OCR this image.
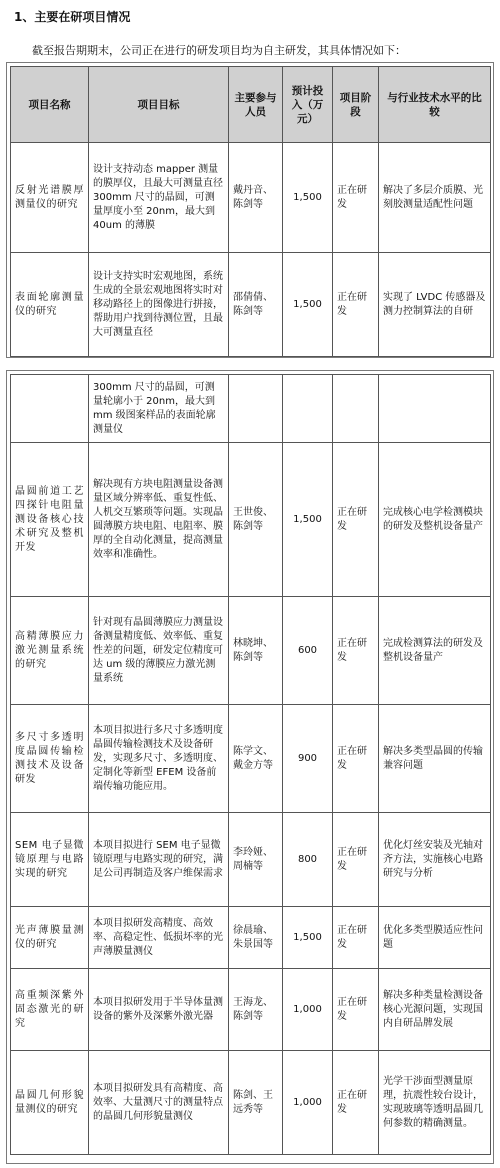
1、主要在研项目情况
截至报告期期末，公司正在进行的研发项目均为自主研发，其具体情况如下：
项目名称	项目目标	主要参与人员	预计投入（万元）	项目阶段	与行业技术水平的比较
反射光谱膜厚测量仪的研究	设计支持动态 mapper 测量的膜厚仪，且最大可测量直径 300mm 尺寸的晶圆，可测量厚度小至 20nm，最大到 40um 的薄膜	戴丹音、陈剑等	1,500	正在研发	解决了多层介质膜、光刻胶测量适配性问题
表面轮廓测量仪的研究	设计支持实时宏观地图，系统生成的全景宏观地图将实时对移动路径上的图像进行拼接，帮助用户找到待测位置，且最大可测量直径	邵倩倩、陈剑等	1,500	正在研发	实现了 LVDC 传感器及测力控制算法的自研
	300mm 尺寸的晶圆，可测量轮廓小于 20nm，最大到 mm 级图案样品的表面轮廓测量仪				
晶圆前道工艺四探针电阻量测设备核心技术研究及整机开发	解决现有方块电阻测量设备测量区域分辨率低、重复性低、人机交互繁琐等问题。实现晶圆薄膜方块电阻、电阻率、膜厚的全自动化测量，提高测量效率和准确性。	王世俊、陈剑等	1,500	正在研发	完成核心电学检测模块的研发及整机设备量产
高精薄膜应力激光测量系统的研究	针对现有晶圆薄膜应力测量设备测量精度低、效率低、重复性差的问题，研发定位精度可达 um 级的薄膜应力激光测量系统	林晓坤、陈剑等	600	正在研发	完成检测算法的研发及整机设备量产
多尺寸多透明度晶圆传输检测技术及设备研发	本项目拟进行多尺寸多透明度晶圆传输检测技术及设备研发，实现多尺寸、多透明度、定制化等新型 EFEM 设备前端传输功能应用。	陈学文、戴金方等	900	正在研发	解决多类型晶圆的传输兼容问题
SEM 电子显微镜原理与电路实现的研究	本项目拟进行 SEM 电子显微镜原理与电路实现的研究，满足公司再制造及客户维保需求	李玲娅、周楠等	800	正在研发	优化灯丝安装及光轴对齐方法，实施核心电路研究与分析
光声薄膜量测仪的研究	本项目拟研发高精度、高效率、高稳定性、低损坏率的光声薄膜量测仪	徐晨瑜、朱景国等	1,500	正在研发	优化多类型膜适应性问题
高重频深紫外固态激光的研究	本项目拟研发用于半导体量测设备的紫外及深紫外激光器	王海龙、陈剑等	1,000	正在研发	解决多种类量检测设备核心光源问题，实现国内自研品牌发展
晶圆几何形貌量测仪的研究	本项目拟研发具有高精度、高效率、大量测尺寸的测量特点的晶圆几何形貌量测仪	陈剑、王远秀等	1,000	正在研发	光学干涉面型测量原理，抗震性较台设计，实现玻璃等透明晶圆几何参数的精确测量。
